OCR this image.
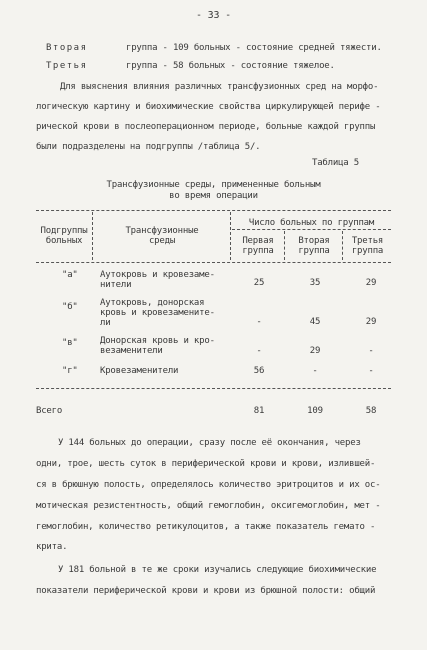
- 33 -
Вторая	группа - 109 больных - состояние средней тяжести.
Третья	группа - 58 больных - состояние тяжелое.
Для выяснения влияния различных трансфузионных сред на морфо-
логическую картину и биохимические свойства циркулирующей перифе -
рической крови в послеоперационном периоде, больные каждой группы
были подразделены на подгруппы /таблица 5/.
Таблица 5
Трансфузионные среды, примененные больным
во время операции
Подгруппы
больных
Трансфузионные
среды
Число больных по группам
Первая
группа
Вторая
группа
Третья
группа
"а" Аутокровь и кровезаме-
нители	25	35	29
"б" Аутокровь, донорская
кровь и кровезамените-
ли	-	45	29
"в" Донорская кровь и кро-
везаменители	-	29	-
"г" Кровезаменители	56	-	-
Всего	81	109	58
У 144 больных до операции, сразу после её окончания, через
одни, трое, шесть суток в периферической крови и крови, излившей-
ся в брюшную полость, определялось количество эритроцитов и их ос-
мотическая резистентность, общий гемоглобин, оксигемоглобин, мет -
гемоглобин, количество ретикулоцитов, а также показатель гемато -
крита.
У 181 больной в те же сроки изучались следующие биохимические
показатели периферической крови и крови из брюшной полости: общий
